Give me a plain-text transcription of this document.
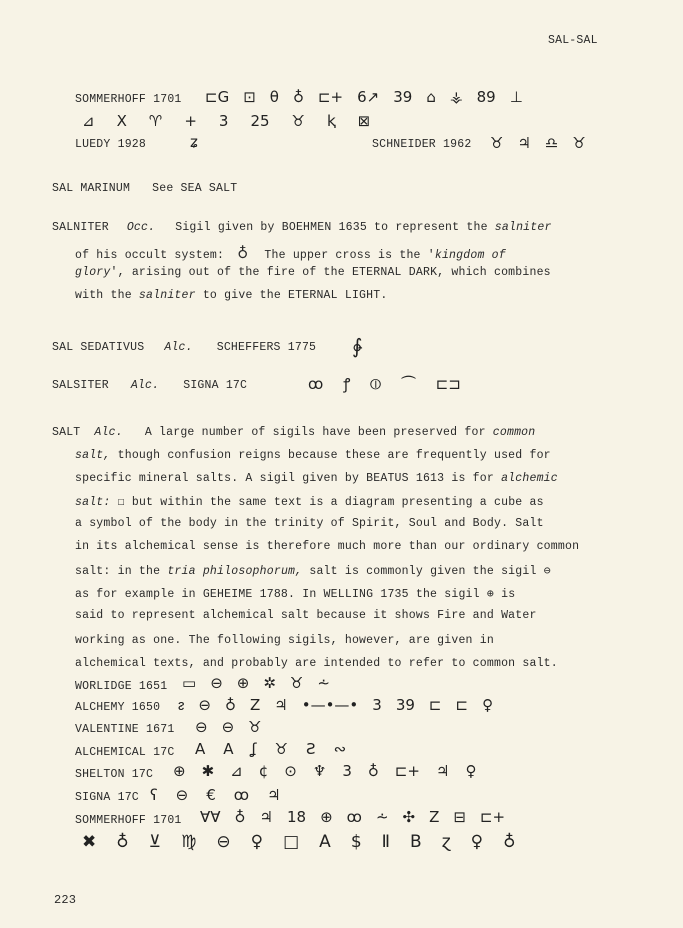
SAL-SAL
SOMMERHOFF 1701 ⊏G ⊡ θ ♁ ⊏+ 6↗ 39 ⌂ ⚶ 89 ⊥
⊿ X ♈ + 3 25 ♉ ⱪ ⊠
LUEDY 1928	ʑ	SCHNEIDER 1962 ♉ ♃ ♎ ♉
SAL MARINUM See SEA SALT
SALNITER Occ. Sigil given by BOEHMEN 1635 to represent the salniter
of his occult system: ♁ The upper cross is the 'kingdom of
glory', arising out of the fire of the ETERNAL DARK, which combines
with the salniter to give the ETERNAL LIGHT.
SAL SEDATIVUS Alc. SCHEFFERS 1775 ∳
SALSITER Alc. SIGNA 17C	ꝏ ꝭ ⦶ ⏜ ⊏⊐
SALT Alc. A large number of sigils have been preserved for common
salt, though confusion reigns because these are frequently used for
specific mineral salts. A sigil given by BEATUS 1613 is for alchemic
salt: ☐ but within the same text is a diagram presenting a cube as
a symbol of the body in the trinity of Spirit, Soul and Body. Salt
in its alchemical sense is therefore much more than our ordinary common
salt: in the tria philosophorum, salt is commonly given the sigil ⊖
as for example in GEHEIME 1788. In WELLING 1735 the sigil ⊕ is
said to represent alchemical salt because it shows Fire and Water
working as one. The following sigils, however, are given in
alchemical texts, and probably are intended to refer to common salt.
WORLIDGE 1651 ▭ ⊖ ⊕ ✲ ♉ ⩪
ALCHEMY 1650 ᴤ ⊖ ♁ Z ♃ •—•—• 3 39 ⊏ ⊏ ♀
VALENTINE 1671 ⊖ ⊖ ♉
ALCHEMICAL 17C A A ʆ ♉ Ƨ ∾
SHELTON 17C ⊕ ✱ ⊿ ¢ ⊙ ♆ 3 ♁ ⊏+ ♃ ♀
SIGNA 17C ʕ ⊖ € ꝏ ♃
SOMMERHOFF 1701 ⱯⱯ ♁ ♃ 18 ⊕ ꝏ ⩪ ✣ Z ⊟ ⊏+
✖ ♁ ⊻ ♍ ⊖ ♀ □ A $ Ⅱ B ɀ ♀ ♁
223
